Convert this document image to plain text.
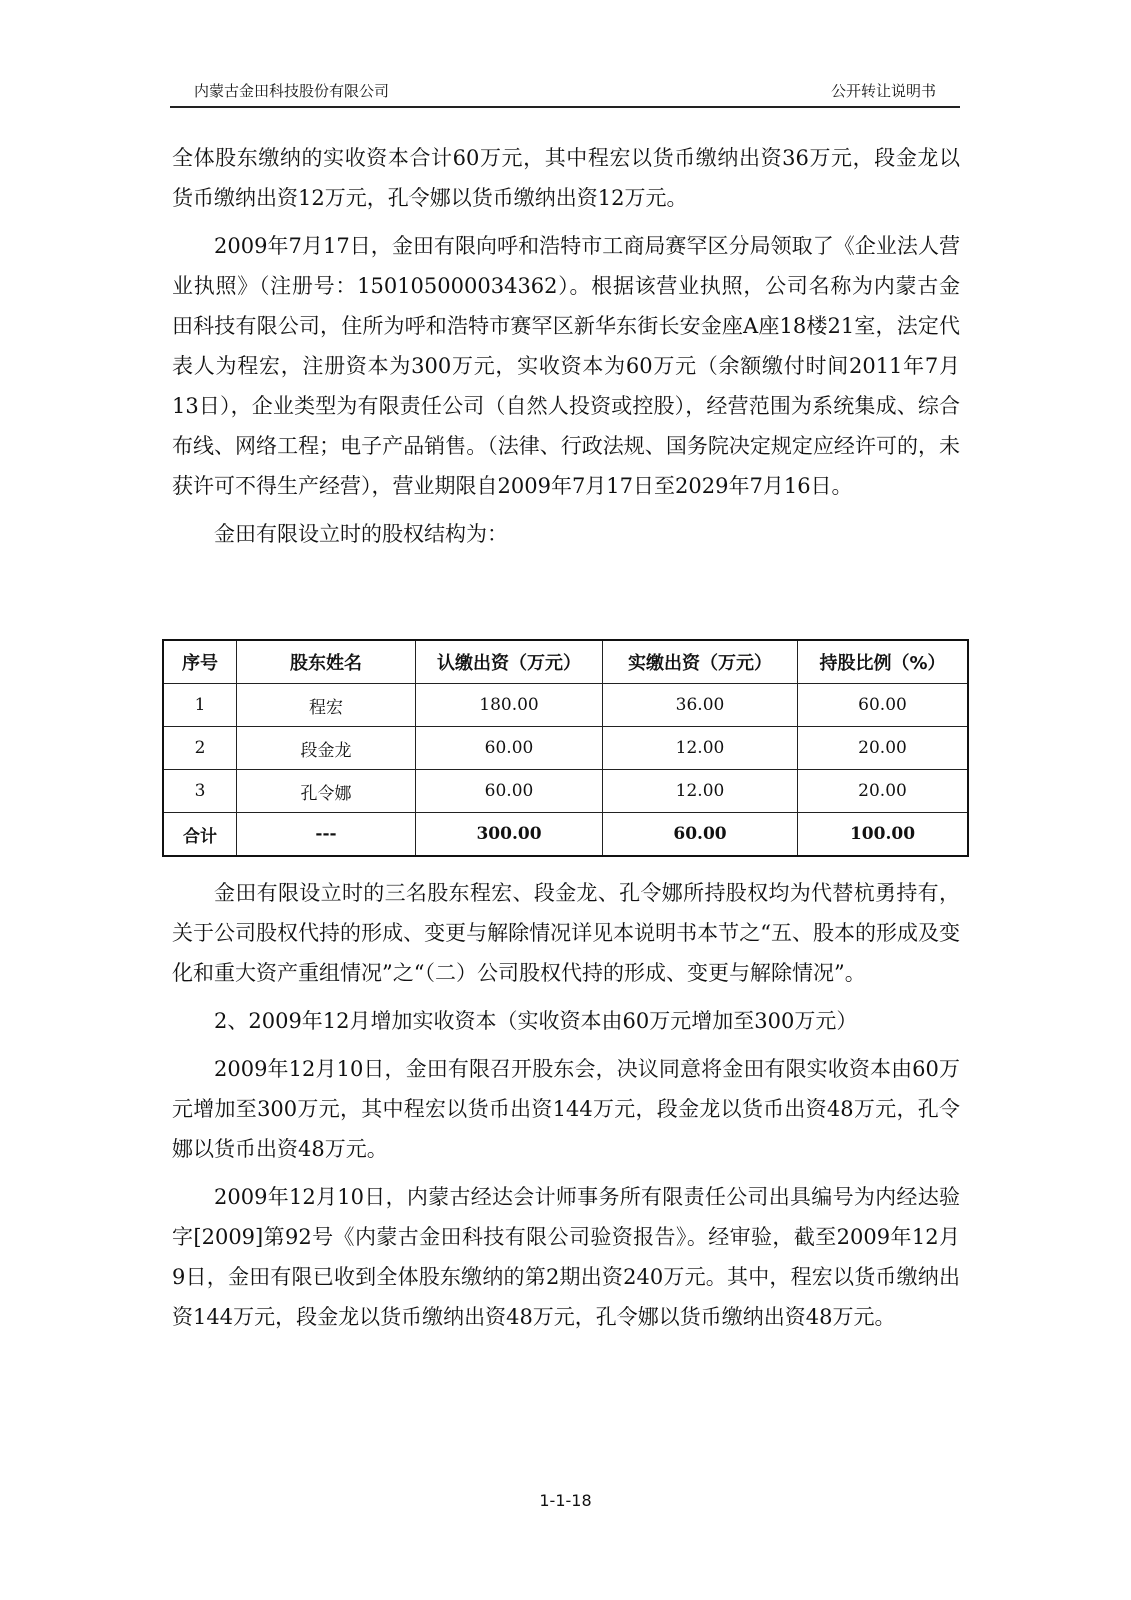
内蒙古金田科技股份有限公司	公开转让说明书

全体股东缴纳的实收资本合计60万元，其中程宏以货币缴纳出资36万元，段金龙以货币缴纳出资12万元，孔令娜以货币缴纳出资12万元。

2009年7月17日，金田有限向呼和浩特市工商局赛罕区分局领取了《企业法人营业执照》（注册号：150105000034362）。根据该营业执照，公司名称为内蒙古金田科技有限公司，住所为呼和浩特市赛罕区新华东街长安金座A座18楼21室，法定代表人为程宏，注册资本为300万元，实收资本为60万元（余额缴付时间2011年7月13日），企业类型为有限责任公司（自然人投资或控股），经营范围为系统集成、综合布线、网络工程；电子产品销售。（法律、行政法规、国务院决定规定应经许可的，未获许可不得生产经营），营业期限自2009年7月17日至2029年7月16日。

金田有限设立时的股权结构为：

序号	股东姓名	认缴出资（万元）	实缴出资（万元）	持股比例（%）
1	程宏	180.00	36.00	60.00
2	段金龙	60.00	12.00	20.00
3	孔令娜	60.00	12.00	20.00
合计	---	300.00	60.00	100.00

金田有限设立时的三名股东程宏、段金龙、孔令娜所持股权均为代替杭勇持有，关于公司股权代持的形成、变更与解除情况详见本说明书本节之“五、股本的形成及变化和重大资产重组情况”之“（二）公司股权代持的形成、变更与解除情况”。

2、2009年12月增加实收资本（实收资本由60万元增加至300万元）

2009年12月10日，金田有限召开股东会，决议同意将金田有限实收资本由60万元增加至300万元，其中程宏以货币出资144万元，段金龙以货币出资48万元，孔令娜以货币出资48万元。

2009年12月10日，内蒙古经达会计师事务所有限责任公司出具编号为内经达验字[2009]第92号《内蒙古金田科技有限公司验资报告》。经审验，截至2009年12月9日，金田有限已收到全体股东缴纳的第2期出资240万元。其中，程宏以货币缴纳出资144万元，段金龙以货币缴纳出资48万元，孔令娜以货币缴纳出资48万元。

1-1-18
